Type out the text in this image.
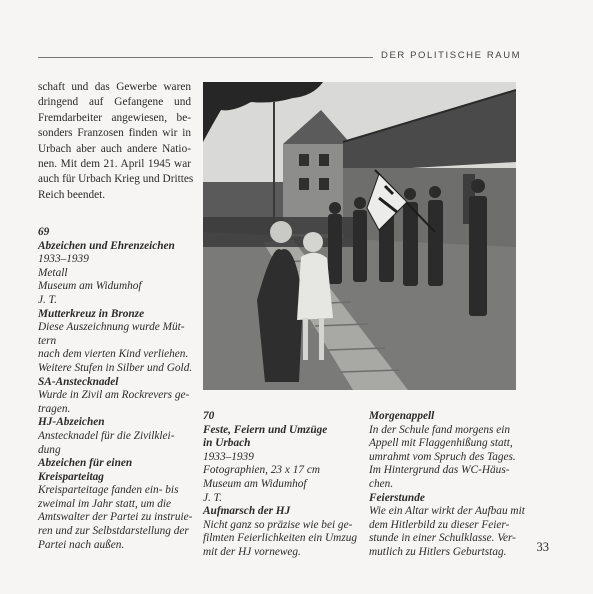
DER POLITISCHE RAUM
schaft und das Gewerbe waren
dringend auf Gefangene und
Fremdarbeiter angewiesen, be-
sonders Franzosen finden wir in
Urbach aber auch andere Natio-
nen. Mit dem 21. April 1945 war
auch für Urbach Krieg und Drittes
Reich beendet.
69
Abzeichen und Ehrenzeichen
1933–1939
Metall
Museum am Widumhof
J. T.
Mutterkreuz in Bronze
Diese Auszeichnung wurde Müt-
tern
nach dem vierten Kind verliehen.
Weitere Stufen in Silber und Gold.
SA-Anstecknadel
Wurde in Zivil am Rockrevers ge-
tragen.
HJ-Abzeichen
Anstecknadel für die Zivilklei-
dung
Abzeichen für einen
Kreisparteitag
Kreisparteitage fanden ein- bis
zweimal im Jahr statt, um die
Amtswalter der Partei zu instruie-
ren und zur Selbstdarstellung der
Partei nach außen.
70
Feste, Feiern und Umzüge
in Urbach
1933–1939
Fotographien, 23 x 17 cm
Museum am Widumhof
J. T.
Aufmarsch der HJ
Nicht ganz so präzise wie bei ge-
filmten Feierlichkeiten ein Umzug
mit der HJ vorneweg.
Morgenappell
In der Schule fand morgens ein
Appell mit Flaggenhißung statt,
umrahmt vom Spruch des Tages.
Im Hintergrund das WC-Häus-
chen.
Feierstunde
Wie ein Altar wirkt der Aufbau mit
dem Hitlerbild zu dieser Feier-
stunde in einer Schulklasse. Ver-
mutlich zu Hitlers Geburtstag.	33
